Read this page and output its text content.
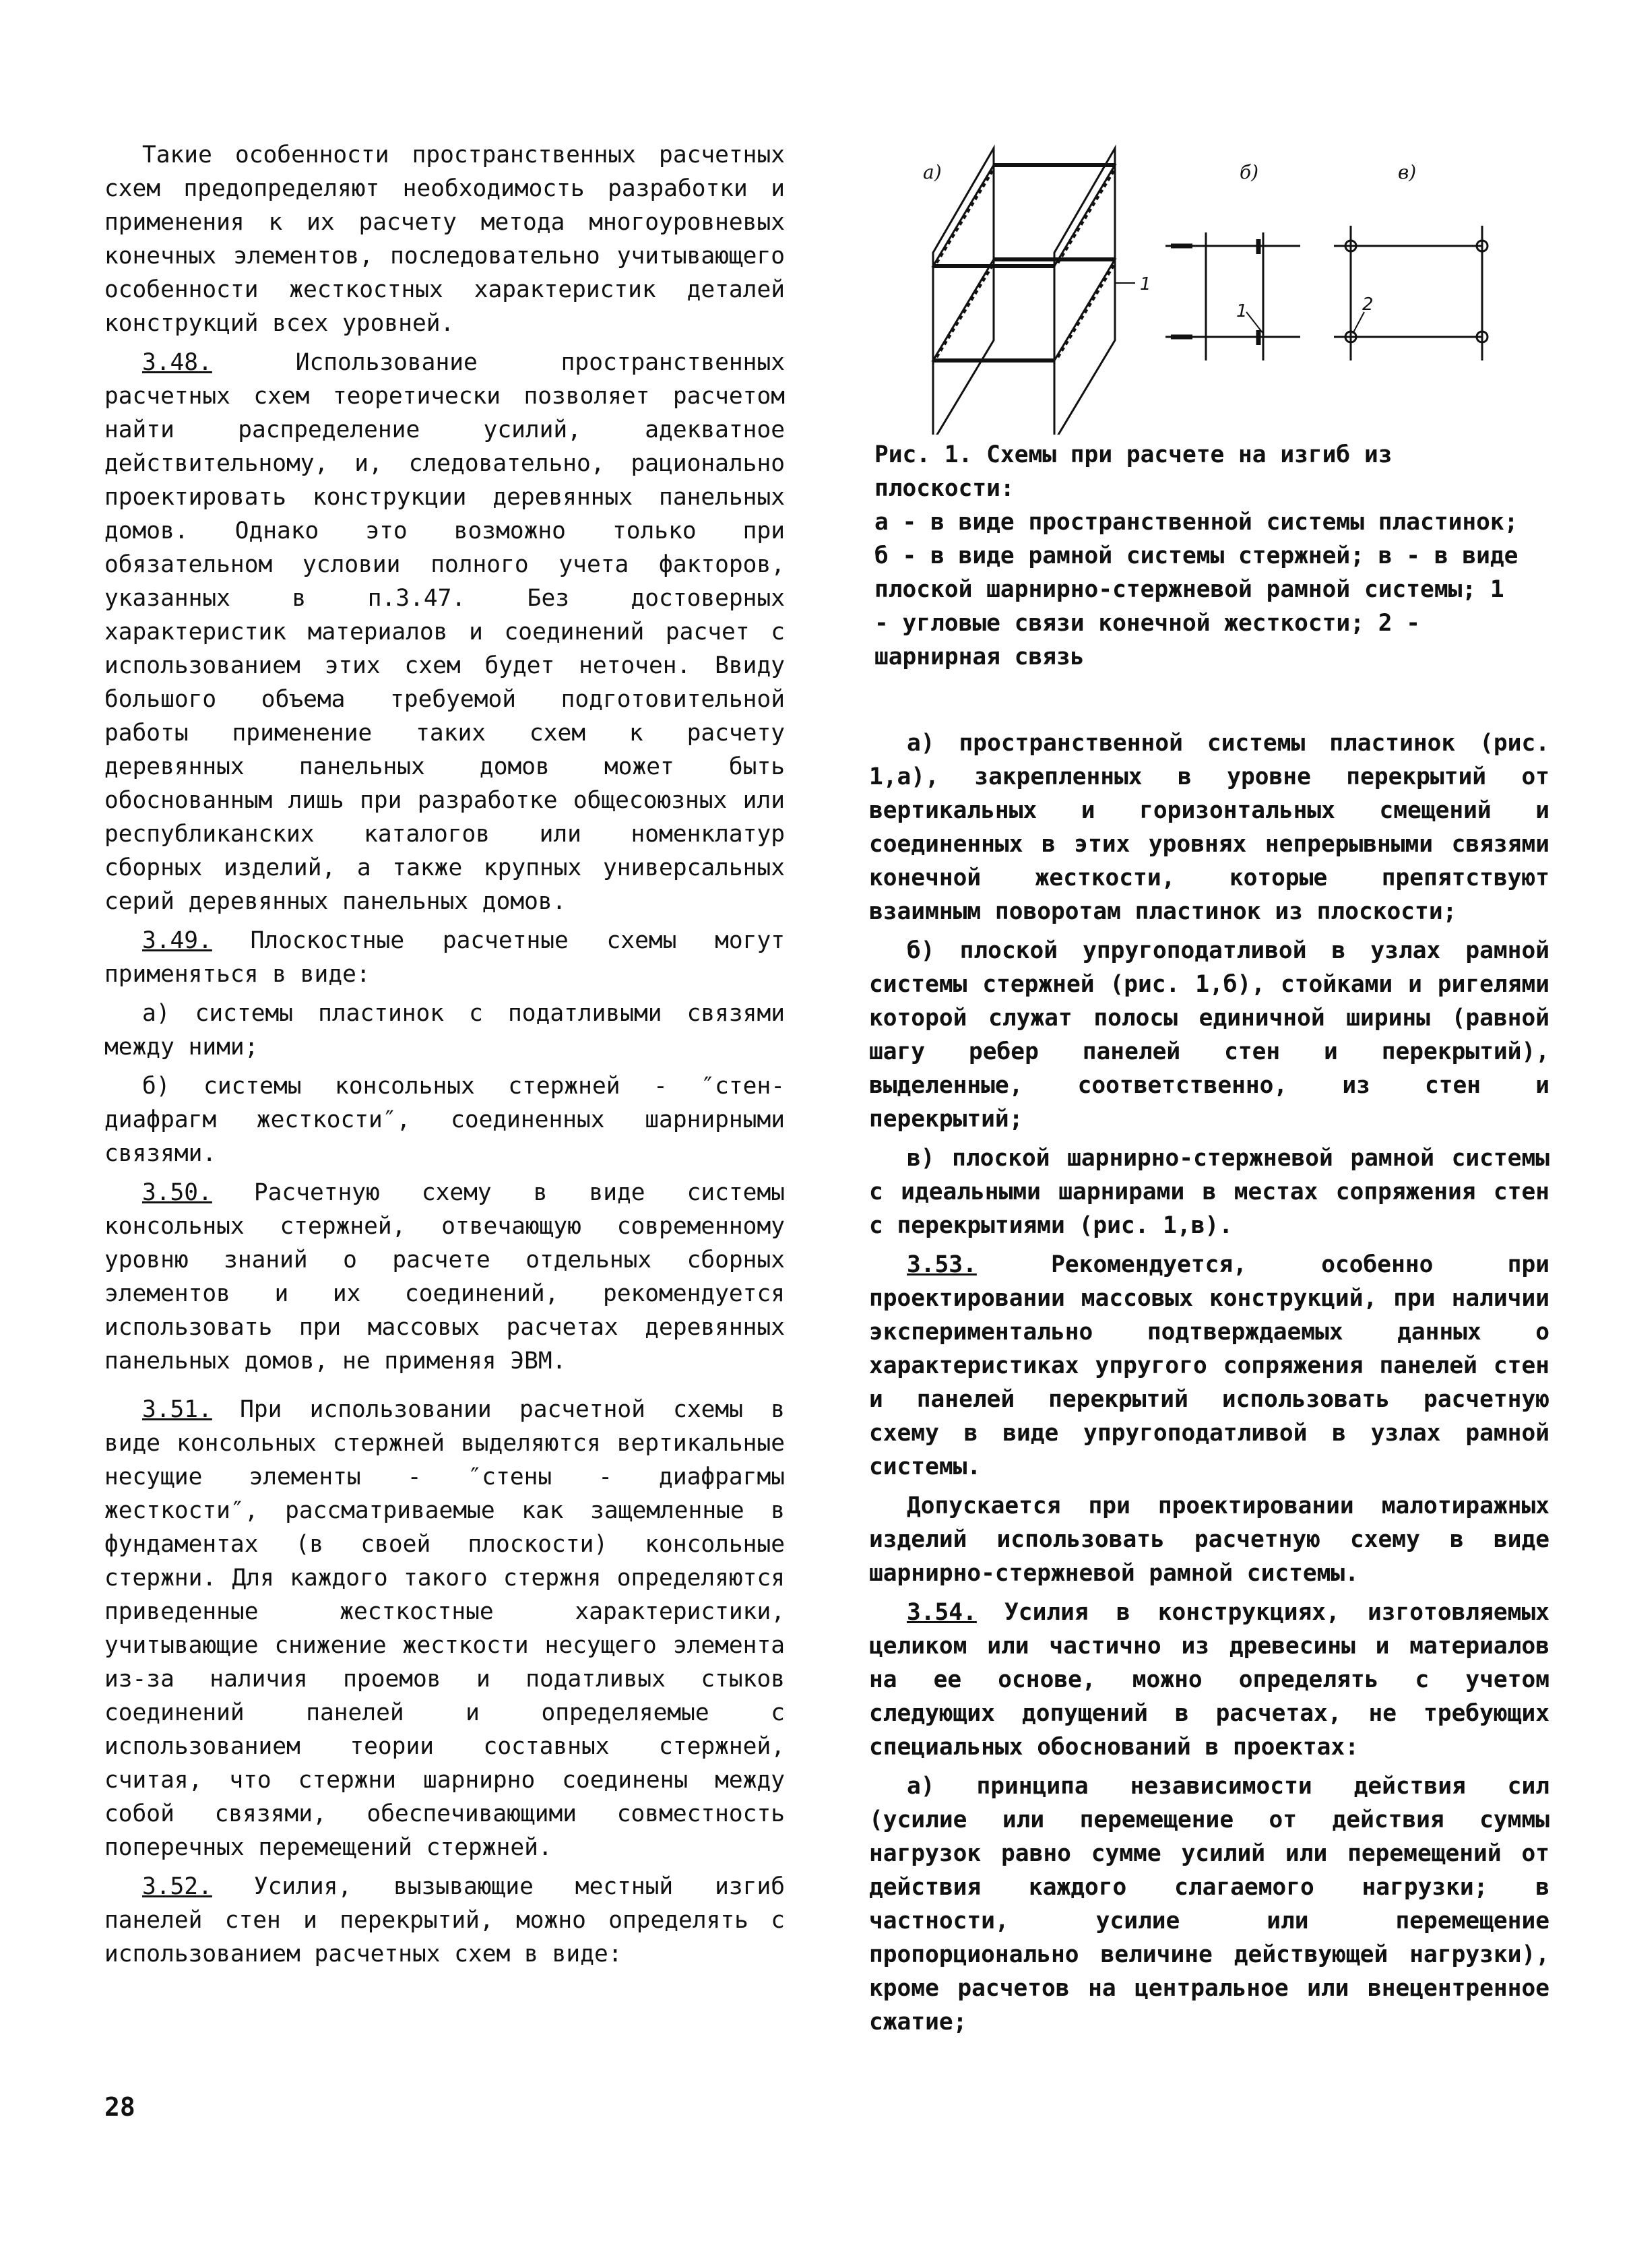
Такие особенности пространственных расчетных схем предопределяют необходимость разработки и применения к их расчету метода многоуровневых конечных элементов, последовательно учитывающего особенности жесткостных характеристик деталей конструкций всех уровней.

3.48. Использование пространственных расчетных схем теоретически позволяет расчетом найти распределение усилий, адекватное действительному, и, следовательно, рационально проектировать конструкции деревянных панельных домов. Однако это возможно только при обязательном условии полного учета факторов, указанных в п.3.47. Без достоверных характеристик материалов и соединений расчет с использованием этих схем будет неточен. Ввиду большого объема требуемой подготовительной работы применение таких схем к расчету деревянных панельных домов может быть обоснованным лишь при разработке общесоюзных или республиканских каталогов или номенклатур сборных изделий, а также крупных универсальных серий деревянных панельных домов.

3.49. Плоскостные расчетные схемы могут применяться в виде:

а) системы пластинок с податливыми связями между ними;

б) системы консольных стержней - ″стен-диафрагм жесткости″, соединенных шарнирными связями.

3.50. Расчетную схему в виде системы консольных стержней, отвечающую современному уровню знаний о расчете отдельных сборных элементов и их соединений, рекомендуется использовать при массовых расчетах деревянных панельных домов, не применяя ЭВМ.

3.51. При использовании расчетной схемы в виде консольных стержней выделяются вертикальные несущие элементы - ″стены - диафрагмы жесткости″, рассматриваемые как защемленные в фундаментах (в своей плоскости) консольные стержни. Для каждого такого стержня определяются приведенные жесткостные характеристики, учитывающие снижение жесткости несущего элемента из-за наличия проемов и податливых стыков соединений панелей и определяемые с использованием теории составных стержней, считая, что стержни шарнирно соединены между собой связями, обеспечивающими совместность поперечных перемещений стержней.

3.52. Усилия, вызывающие местный изгиб панелей стен и перекрытий, можно определять с использованием расчетных схем в виде:

а)	б)	в)
1
1	2

Рис. 1. Схемы при расчете на изгиб из плоскости:

а - в виде пространственной системы пластинок; б - в виде рамной системы стержней; в - в виде плоской шарнирно-стержневой рамной системы; 1 - угловые связи конечной жесткости; 2 - шарнирная связь

а) пространственной системы пластинок (рис. 1,а), закрепленных в уровне перекрытий от вертикальных и горизонтальных смещений и соединенных в этих уровнях непрерывными связями конечной жесткости, которые препятствуют взаимным поворотам пластинок из плоскости;

б) плоской упругоподатливой в узлах рамной системы стержней (рис. 1,б), стойками и ригелями которой служат полосы единичной ширины (равной шагу ребер панелей стен и перекрытий), выделенные, соответственно, из стен и перекрытий;

в) плоской шарнирно-стержневой рамной системы с идеальными шарнирами в местах сопряжения стен с перекрытиями (рис. 1,в).

3.53. Рекомендуется, особенно при проектировании массовых конструкций, при наличии экспериментально подтверждаемых данных о характеристиках упругого сопряжения панелей стен и панелей перекрытий использовать расчетную схему в виде упругоподатливой в узлах рамной системы.

Допускается при проектировании малотиражных изделий использовать расчетную схему в виде шарнирно-стержневой рамной системы.

3.54. Усилия в конструкциях, изготовляемых целиком или частично из древесины и материалов на ее основе, можно определять с учетом следующих допущений в расчетах, не требующих специальных обоснований в проектах:

а) принципа независимости действия сил (усилие или перемещение от действия суммы нагрузок равно сумме усилий или перемещений от действия каждого слагаемого нагрузки; в частности, усилие или перемещение пропорционально величине действующей нагрузки), кроме расчетов на центральное или внецентренное сжатие;

28
